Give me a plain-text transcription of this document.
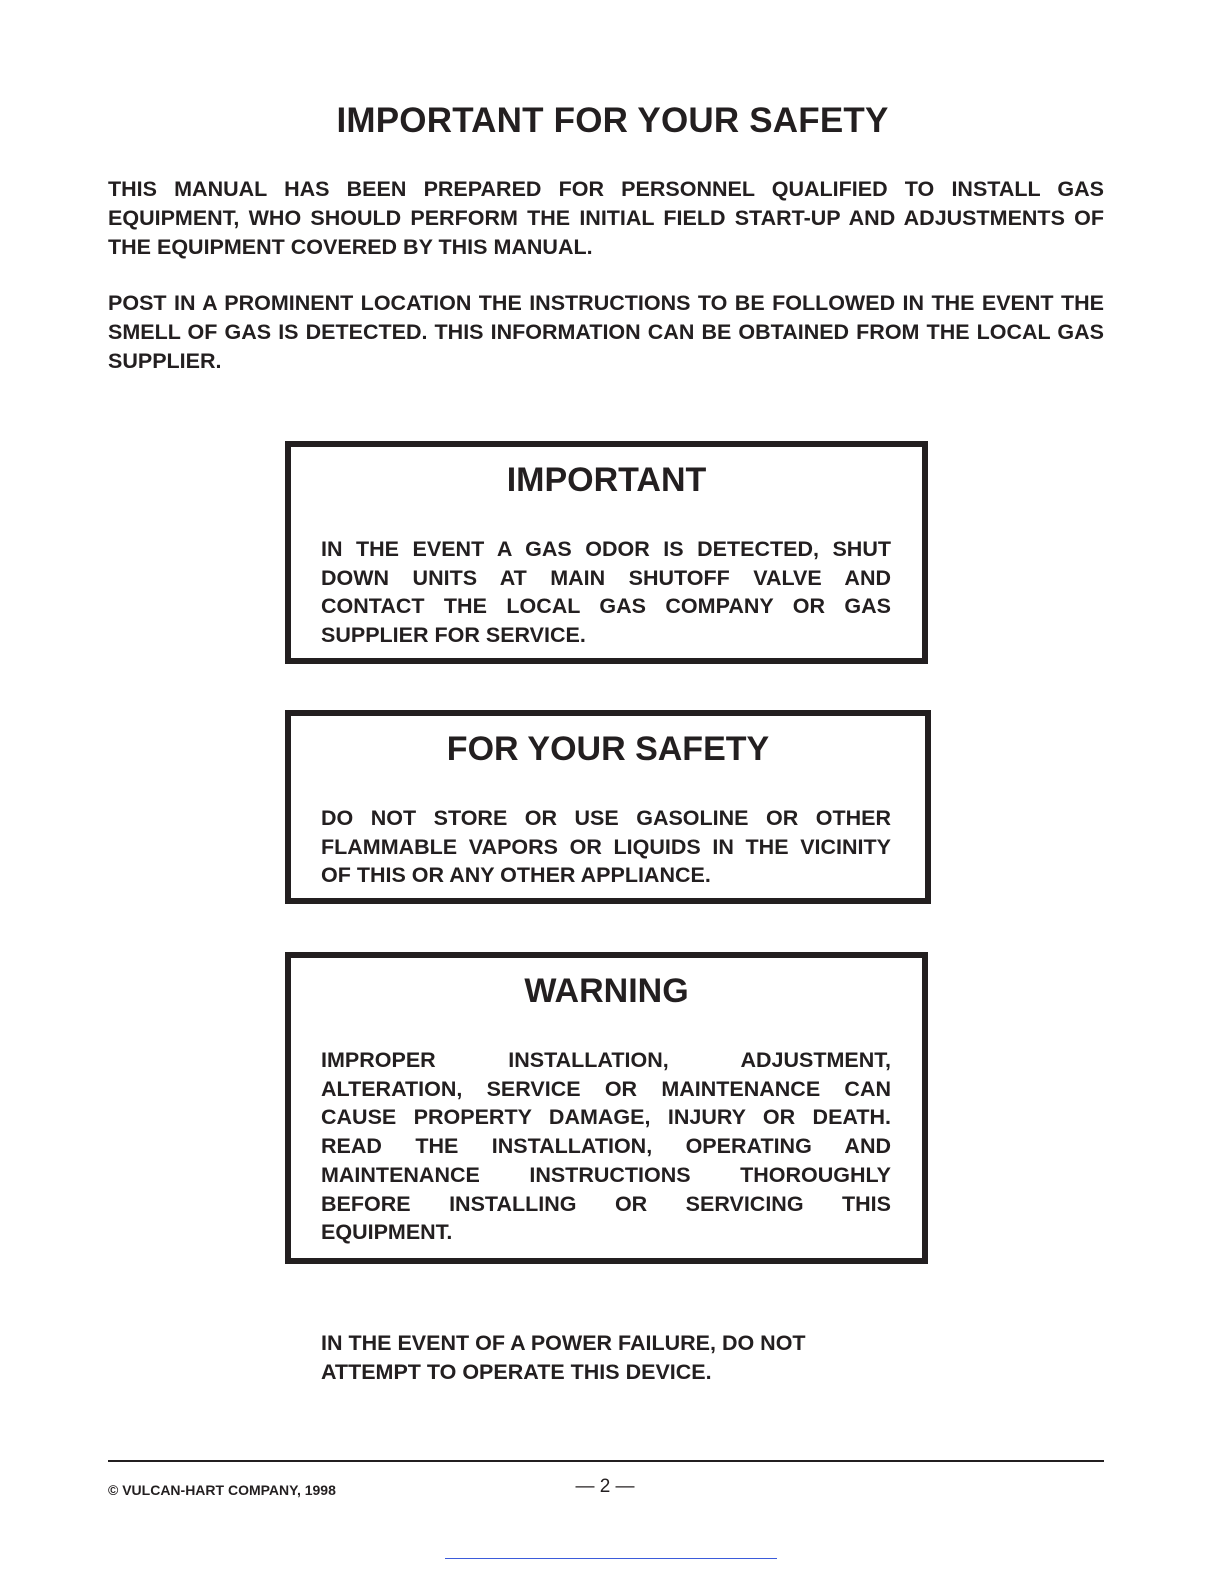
IMPORTANT FOR YOUR SAFETY

THIS MANUAL HAS BEEN PREPARED FOR PERSONNEL QUALIFIED TO INSTALL GAS EQUIPMENT, WHO SHOULD PERFORM THE INITIAL FIELD START-UP AND ADJUSTMENTS OF THE EQUIPMENT COVERED BY THIS MANUAL.

POST IN A PROMINENT LOCATION THE INSTRUCTIONS TO BE FOLLOWED IN THE EVENT THE SMELL OF GAS IS DETECTED. THIS INFORMATION CAN BE OBTAINED FROM THE LOCAL GAS SUPPLIER.

IMPORTANT

IN THE EVENT A GAS ODOR IS DETECTED, SHUT DOWN UNITS AT MAIN SHUTOFF VALVE AND CONTACT THE LOCAL GAS COMPANY OR GAS SUPPLIER FOR SERVICE.

FOR YOUR SAFETY

DO NOT STORE OR USE GASOLINE OR OTHER FLAMMABLE VAPORS OR LIQUIDS IN THE VICINITY OF THIS OR ANY OTHER APPLIANCE.

WARNING

IMPROPER INSTALLATION, ADJUSTMENT, ALTERATION, SERVICE OR MAINTENANCE CAN CAUSE PROPERTY DAMAGE, INJURY OR DEATH. READ THE INSTALLATION, OPERATING AND MAINTENANCE INSTRUCTIONS THOROUGHLY BEFORE INSTALLING OR SERVICING THIS EQUIPMENT.

IN THE EVENT OF A POWER FAILURE, DO NOT ATTEMPT TO OPERATE THIS DEVICE.

© VULCAN-HART COMPANY, 1998	— 2 —
